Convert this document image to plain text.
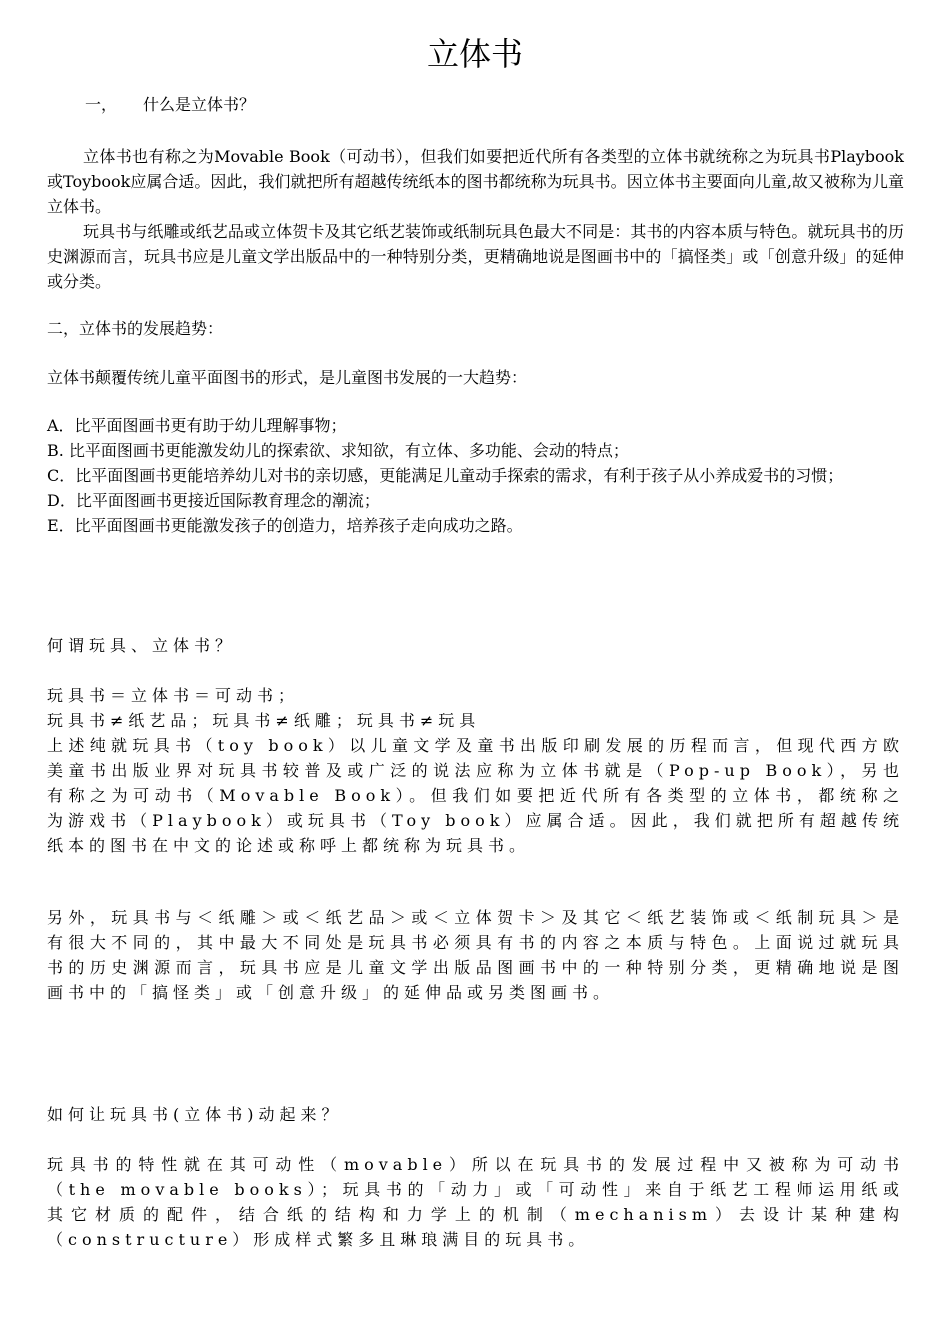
立体书
一， 什么是立体书？

立体书也有称之为Movable Book（可动书），但我们如要把近代所有各类型的立体书就统称之为玩具书Playbook 或Toybook应属合适。因此，我们就把所有超越传统纸本的图书都统称为玩具书。因立体书主要面向儿童,故又被称为儿童立体书。

玩具书与纸雕或纸艺品或立体贺卡及其它纸艺装饰或纸制玩具色最大不同是：其书的内容本质与特色。就玩具书的历史渊源而言，玩具书应是儿童文学出版品中的一种特别分类，更精确地说是图画书中的「搞怪类」或「创意升级」的延伸或分类。

二，立体书的发展趋势：
立体书颠覆传统儿童平面图书的形式，是儿童图书发展的一大趋势：

A．比平面图画书更有助于幼儿理解事物；

B. 比平面图画书更能激发幼儿的探索欲、求知欲，有立体、多功能、会动的特点；

C．比平面图画书更能培养幼儿对书的亲切感，更能满足儿童动手探索的需求，有利于孩子从小养成爱书的习惯；

D．比平面图画书更接近国际教育理念的潮流；

E．比平面图画书更能激发孩子的创造力，培养孩子走向成功之路。

何谓玩具、立体书？

玩具书＝立体书＝可动书；

玩具书≠纸艺品；玩具书≠纸雕；玩具书≠玩具

上述纯就玩具书（toy book）以儿童文学及童书出版印刷发展的历程而言，但现代西方欧美童书出版业界对玩具书较普及或广泛的说法应称为立体书就是（Pop-up Book），另也有称之为可动书（Movable Book）。但我们如要把近代所有各类型的立体书，都统称之为游戏书（Playbook）或玩具书（Toy book）应属合适。因此，我们就把所有超越传统纸本的图书在中文的论述或称呼上都统称为玩具书。

另外，玩具书与＜纸雕＞或＜纸艺品＞或＜立体贺卡＞及其它＜纸艺装饰或＜纸制玩具＞是有很大不同的，其中最大不同处是玩具书必须具有书的内容之本质与特色。上面说过就玩具书的历史渊源而言，玩具书应是儿童文学出版品图画书中的一种特别分类，更精确地说是图画书中的「搞怪类」或「创意升级」的延伸品或另类图画书。

如何让玩具书(立体书)动起来？

玩具书的特性就在其可动性（movable）所以在玩具书的发展过程中又被称为可动书（the movable books）；玩具书的「动力」或「可动性」来自于纸艺工程师运用纸或其它材质的配件，结合纸的结构和力学上的机制（mechanism）去设计某种建构（constructure）形成样式繁多且琳琅满目的玩具书。
